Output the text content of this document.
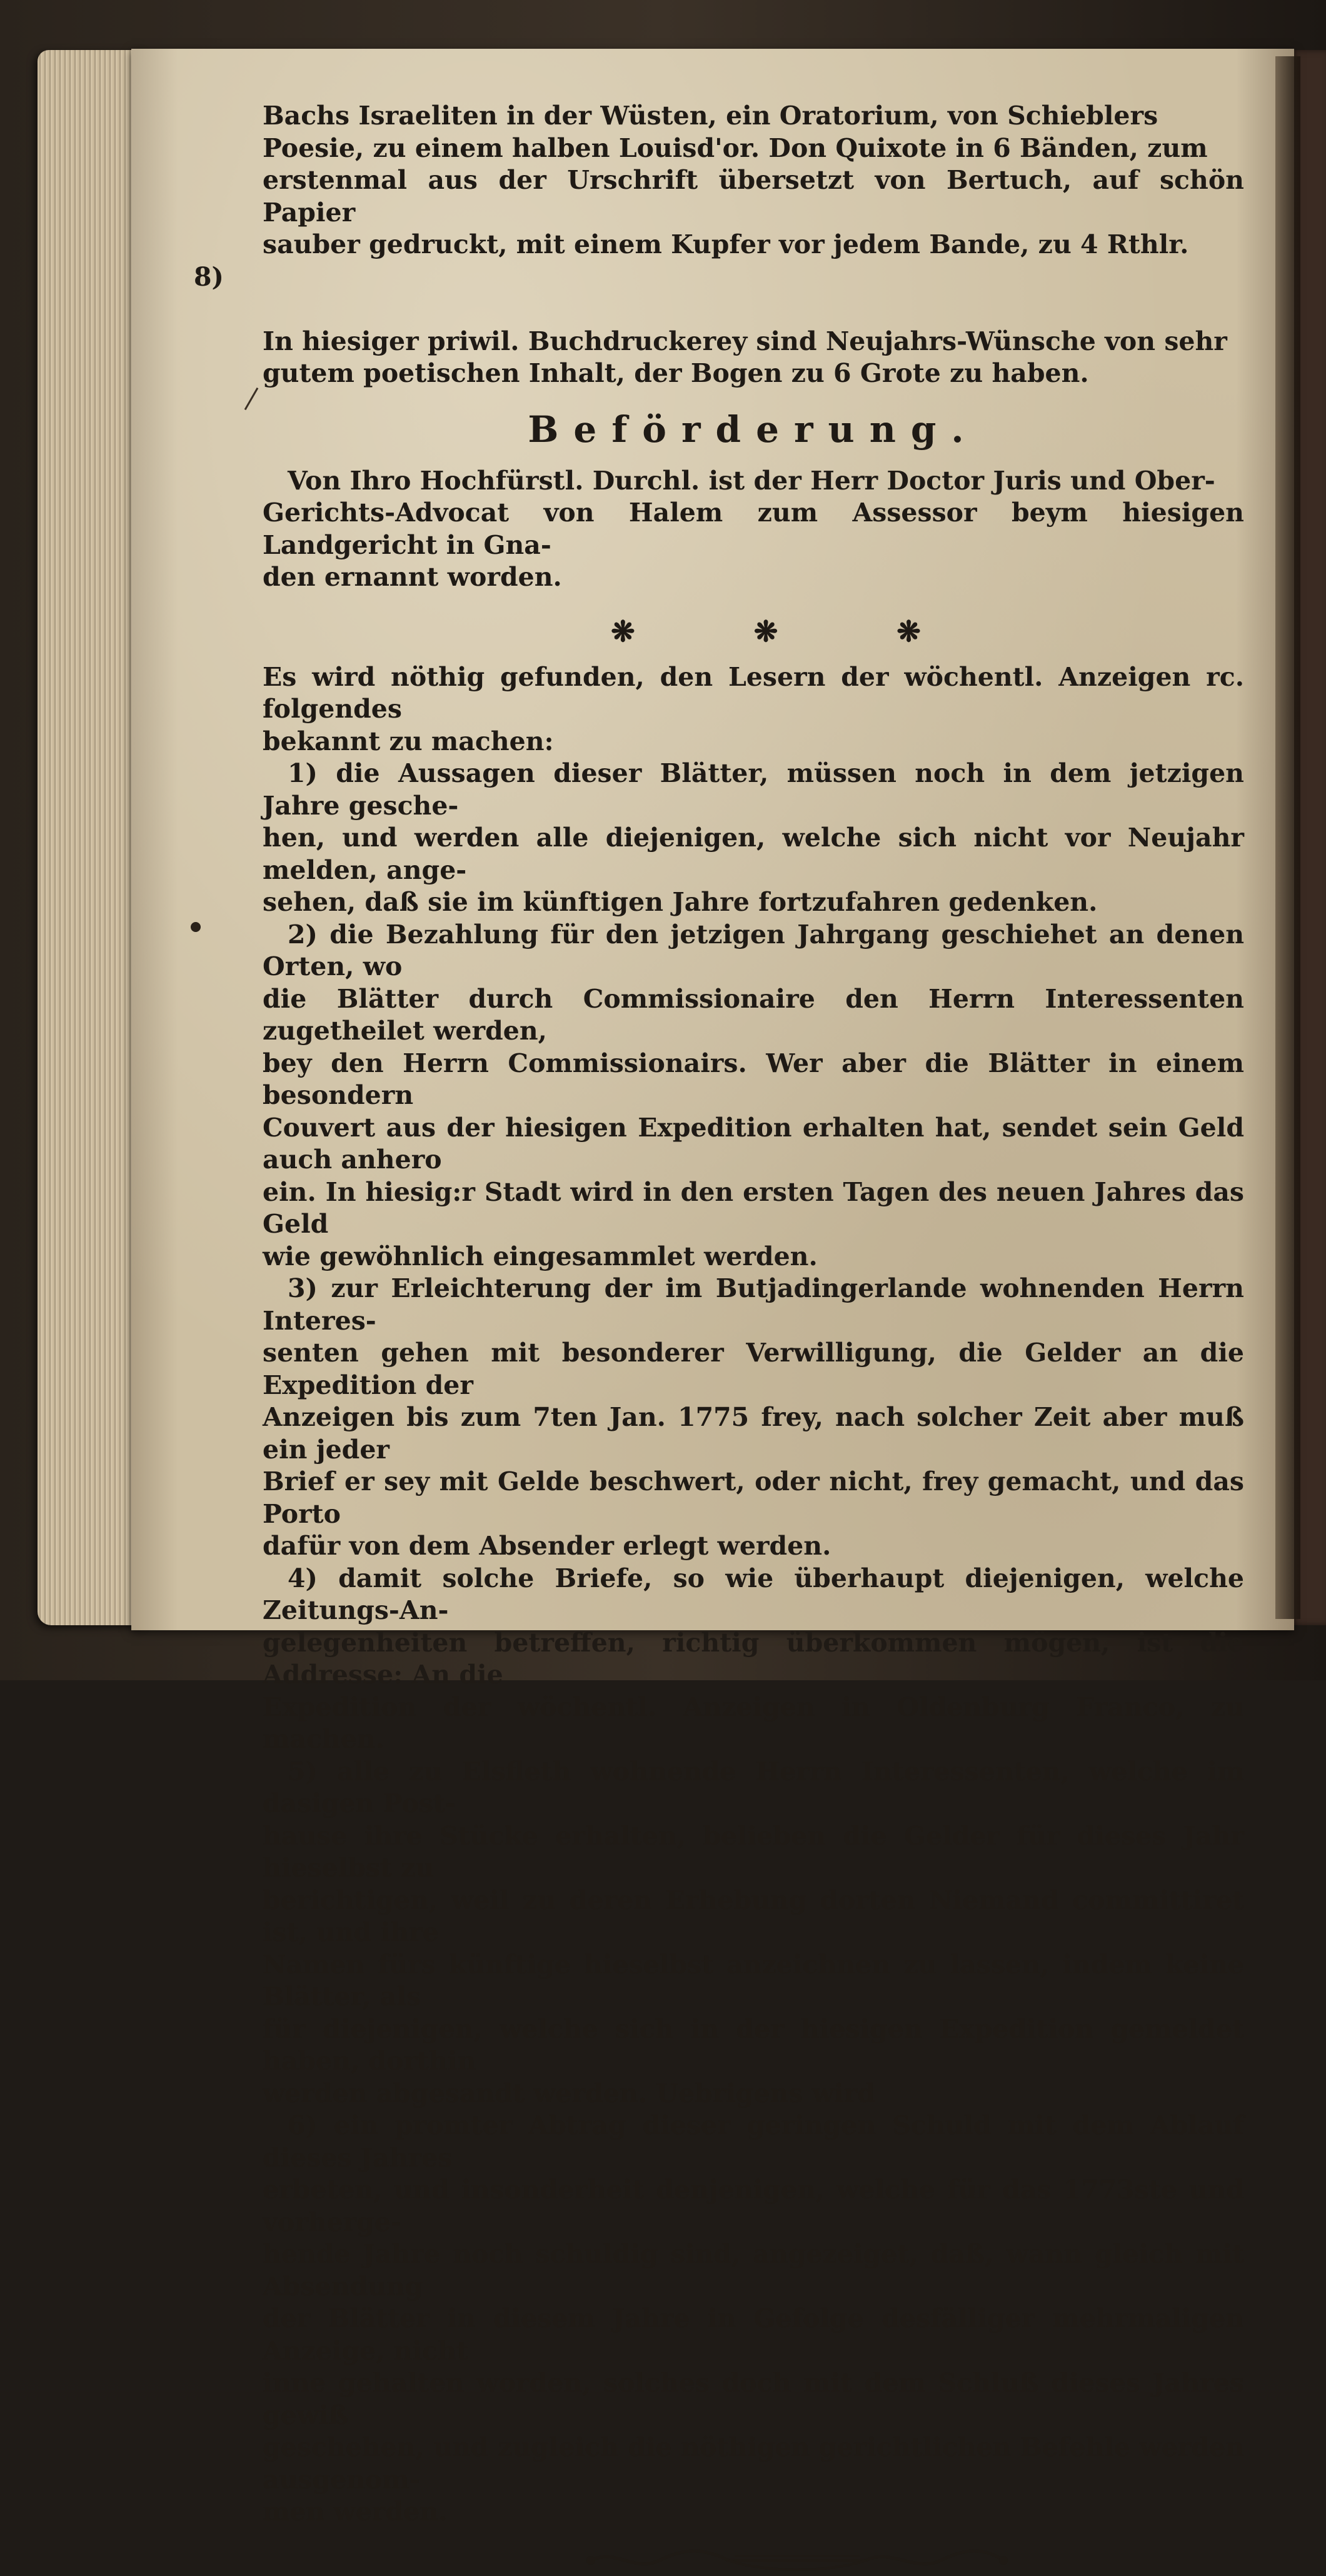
Bachs Israeliten in der Wüsten, ein Oratorium, von Schieblers
Poesie, zu einem halben Louisd'or. Don Quixote in 6 Bänden, zum
erstenmal aus der Urschrift übersetzt von Bertuch, auf schön Papier
sauber gedruckt, mit einem Kupfer vor jedem Bande, zu 4 Rthlr.

8)

In hiesiger priwil. Buchdruckerey sind Neujahrs-Wünsche von sehr
gutem poetischen Inhalt, der Bogen zu 6 Grote zu haben.

Beförderung.

Von Ihro Hochfürstl. Durchl. ist der Herr Doctor Juris und Ober-
Gerichts-Advocat von Halem zum Assessor beym hiesigen Landgericht in Gna-
den ernannt worden.

❋	❋	❋

Es wird nöthig gefunden, den Lesern der wöchentl. Anzeigen rc. folgendes
bekannt zu machen:

1) die Aussagen dieser Blätter, müssen noch in dem jetzigen Jahre gesche-
hen, und werden alle diejenigen, welche sich nicht vor Neujahr melden, ange-
sehen, daß sie im künftigen Jahre fortzufahren gedenken.

2) die Bezahlung für den jetzigen Jahrgang geschiehet an denen Orten, wo
die Blätter durch Commissionaire den Herrn Interessenten zugetheilet werden,
bey den Herrn Commissionairs. Wer aber die Blätter in einem besondern
Couvert aus der hiesigen Expedition erhalten hat, sendet sein Geld auch anhero
ein. In hiesig:r Stadt wird in den ersten Tagen des neuen Jahres das Geld
wie gewöhnlich eingesammlet werden.

3) zur Erleichterung der im Butjadingerlande wohnenden Herrn Interes-
senten gehen mit besonderer Verwilligung, die Gelder an die Expedition der
Anzeigen bis zum 7ten Jan. 1775 frey, nach solcher Zeit aber muß ein jeder
Brief er sey mit Gelde beschwert, oder nicht, frey gemacht, und das Porto
dafür von dem Absender erlegt werden.

4) damit solche Briefe, so wie überhaupt diejenigen, welche Zeitungs-An-
gelegenheiten betreffen, richtig überkommen mögen, ist die Addresse: An die
Expedition der wöchentl. Anzeigen in Oldenburg Franco, zu machen.

5) alle zu Elsfleth wohnende Herrn Interessenten, welche im dasigen Post-
hause ihre Stücke erhalten, belieben die Gelder für dieses Jahr hieselbst zu
berichtigen, weil zu deren Erhebung dorten Niemand committiret ist, und ihre
Namen fürs künftige hieselbst anzeichnen zu lassen, indem keine Blätter, als
für diejenigen, welche sich in der hiesigen Expedition gemeldet haben, dorthin
werden abgesandt werden. Uebrigens wird

6) ein promter Abtrag dieser geringen Schuld mit dem Ablauf dieses Jahres
erbeten, und insonderheit denjenigen, welche für das 1773ste und vorherge-
hende Jahre noch schuldig sind, angezeiget, daß, wann gleich mit Absendung
der Blätter in diesem Jahre in Gefolge desfälliger mehrmaligen Anzeige, nicht
inne gehalten worden, solches doch mit dem Schluß dieses Jahres gewiß
geschehen, und zugleich die nöthigen gerichtlichen Befehle werden ausgenom-
men werden.
